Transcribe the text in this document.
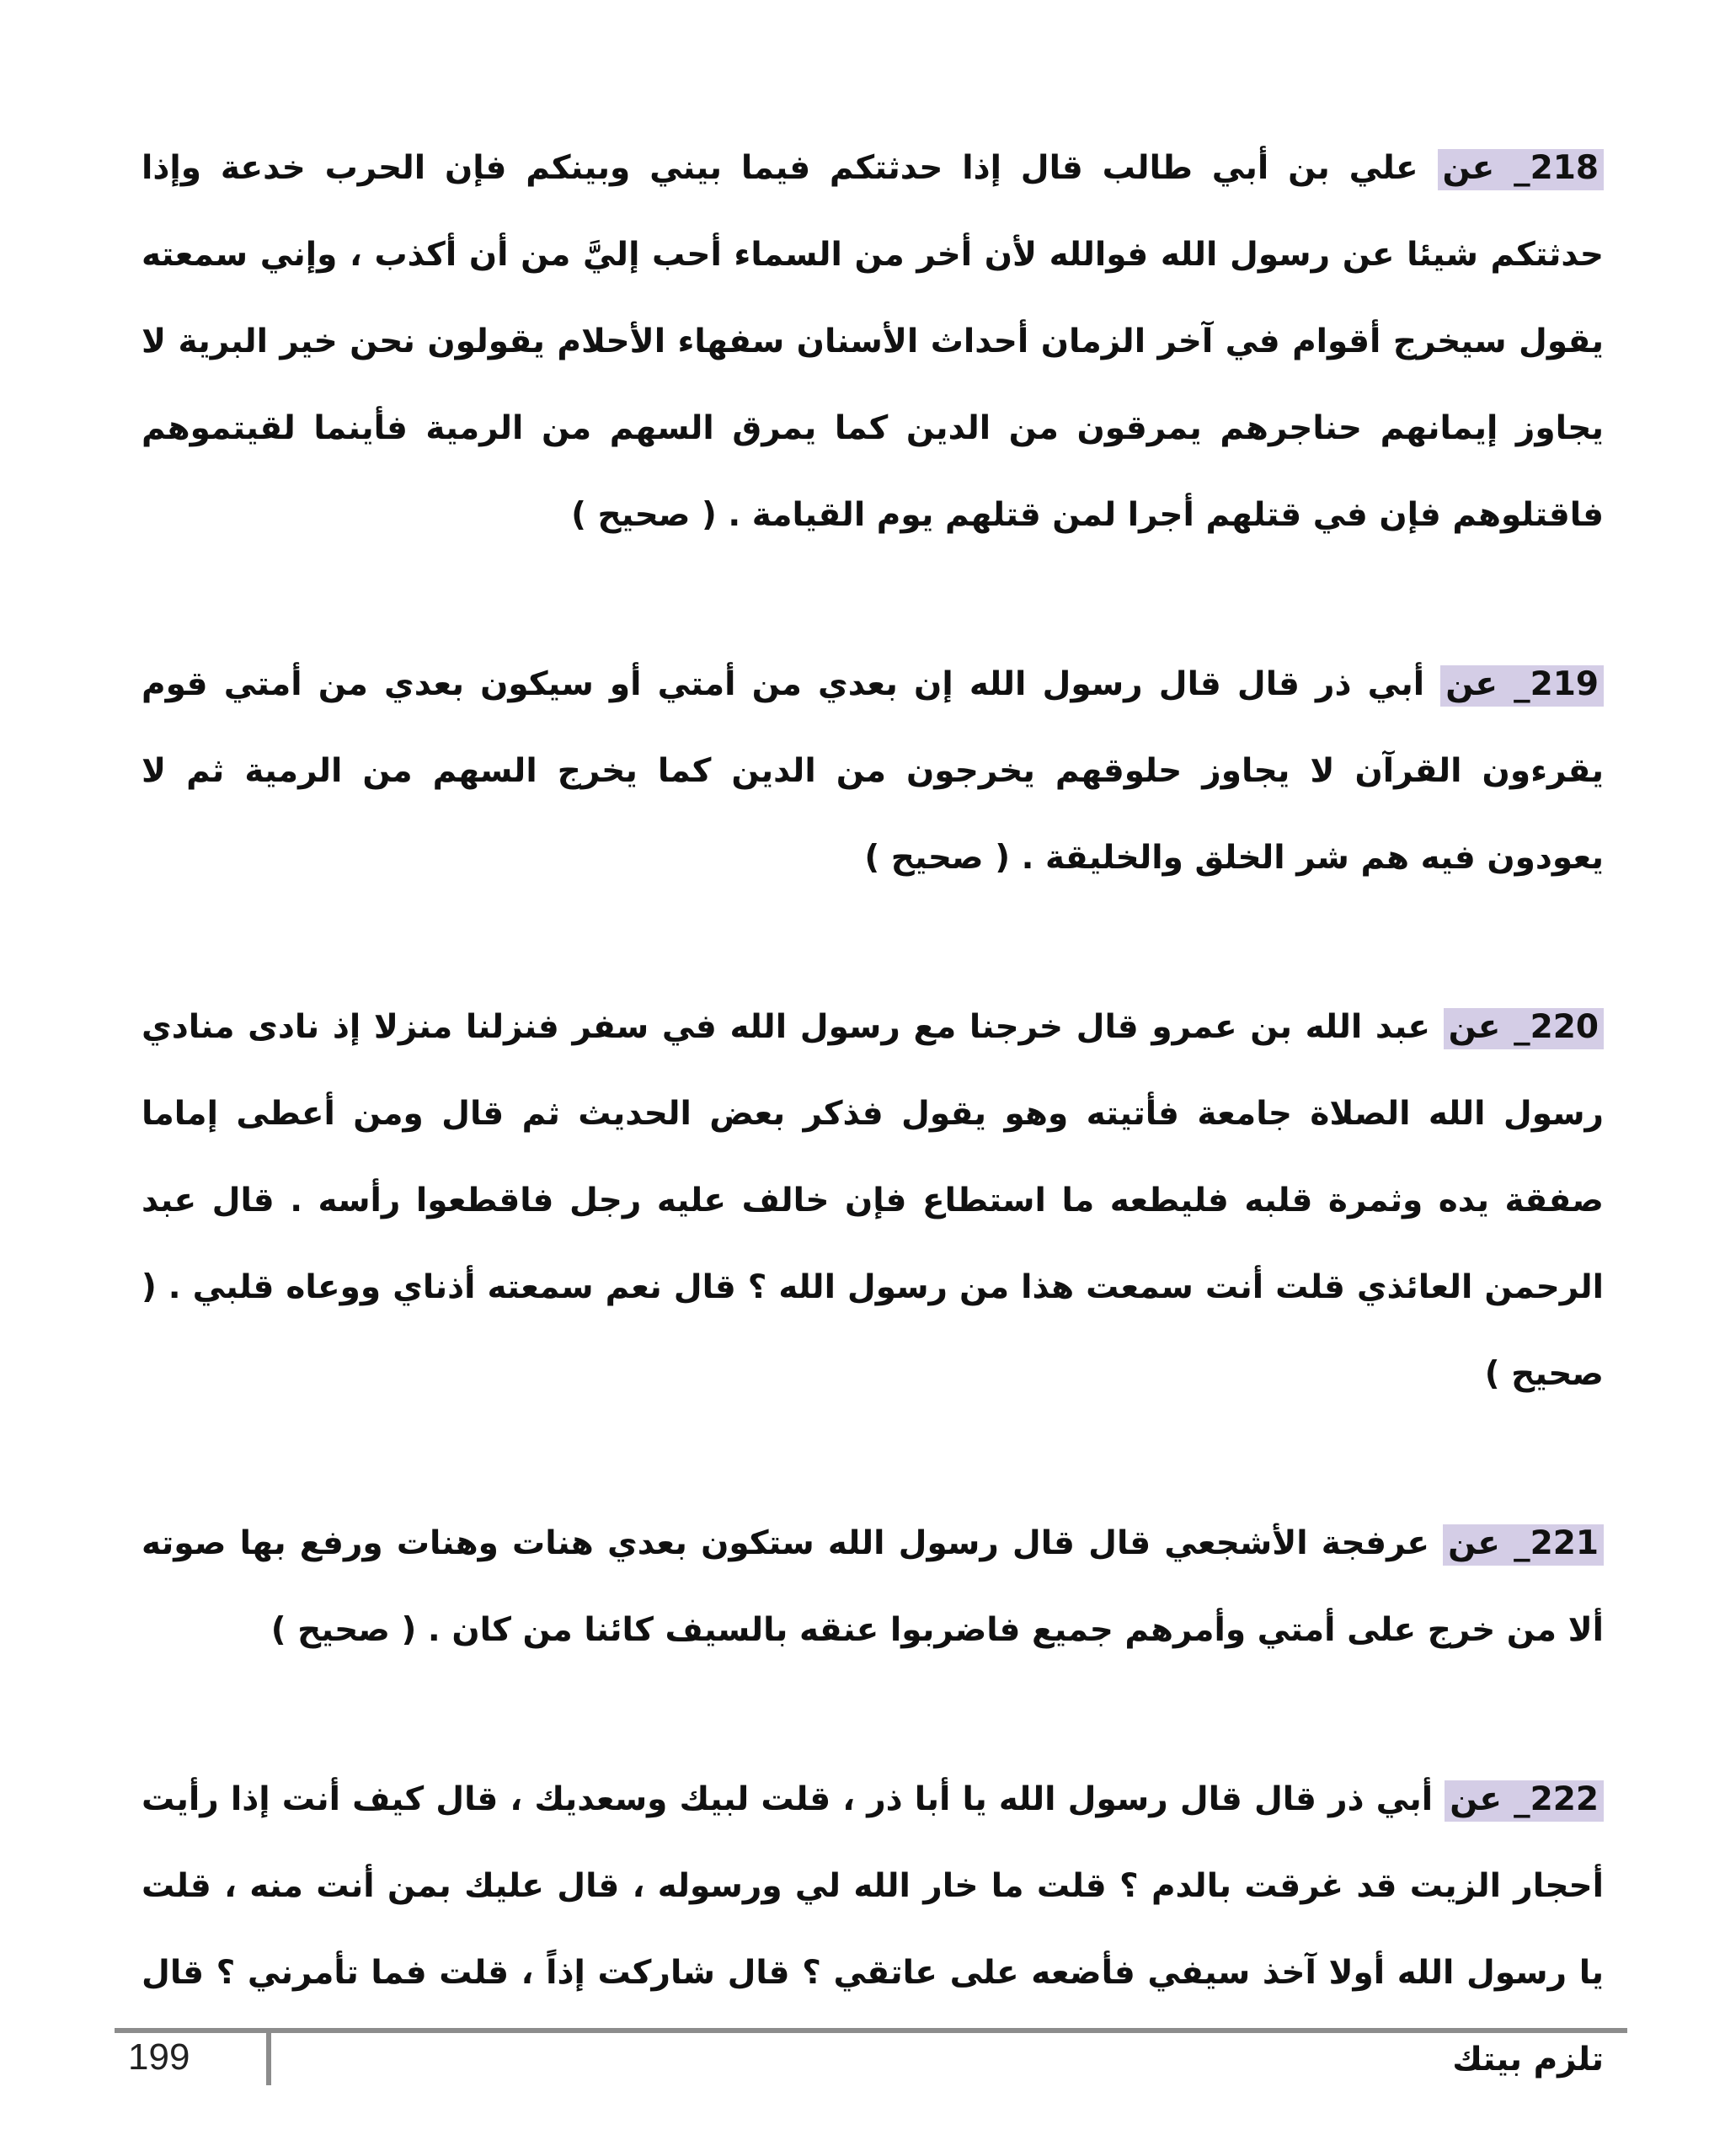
218_ عن علي بن أبي طالب قال إذا حدثتكم فيما بيني وبينكم فإن الحرب خدعة وإذا حدثتكم شيئا عن رسول الله فوالله لأن أخر من السماء أحب إليَّ من أن أكذب ، وإني سمعته يقول سيخرج أقوام في آخر الزمان أحداث الأسنان سفهاء الأحلام يقولون نحن خير البرية لا يجاوز إيمانهم حناجرهم يمرقون من الدين كما يمرق السهم من الرمية فأينما لقيتموهم فاقتلوهم فإن في قتلهم أجرا لمن قتلهم يوم القيامة . ( صحيح )

219_ عن أبي ذر قال قال رسول الله إن بعدي من أمتي أو سيكون بعدي من أمتي قوم يقرءون القرآن لا يجاوز حلوقهم يخرجون من الدين كما يخرج السهم من الرمية ثم لا يعودون فيه هم شر الخلق والخليقة . ( صحيح )

220_ عن عبد الله بن عمرو قال خرجنا مع رسول الله في سفر فنزلنا منزلا إذ نادى منادي رسول الله الصلاة جامعة فأتيته وهو يقول فذكر بعض الحديث ثم قال ومن أعطى إماما صفقة يده وثمرة قلبه فليطعه ما استطاع فإن خالف عليه رجل فاقطعوا رأسه . قال عبد الرحمن العائذي قلت أنت سمعت هذا من رسول الله ؟ قال نعم سمعته أذناي ووعاه قلبي . ( صحيح )

221_ عن عرفجة الأشجعي قال قال رسول الله ستكون بعدي هنات وهنات ورفع بها صوته ألا من خرج على أمتي وأمرهم جميع فاضربوا عنقه بالسيف كائنا من كان . ( صحيح )

222_ عن أبي ذر قال قال رسول الله يا أبا ذر ، قلت لبيك وسعديك ، قال كيف أنت إذا رأيت أحجار الزيت قد غرقت بالدم ؟ قلت ما خار الله لي ورسوله ، قال عليك بمن أنت منه ، قلت يا رسول الله أولا آخذ سيفي فأضعه على عاتقي ؟ قال شاركت إذاً ، قلت فما تأمرني ؟ قال تلزم بيتك

199
